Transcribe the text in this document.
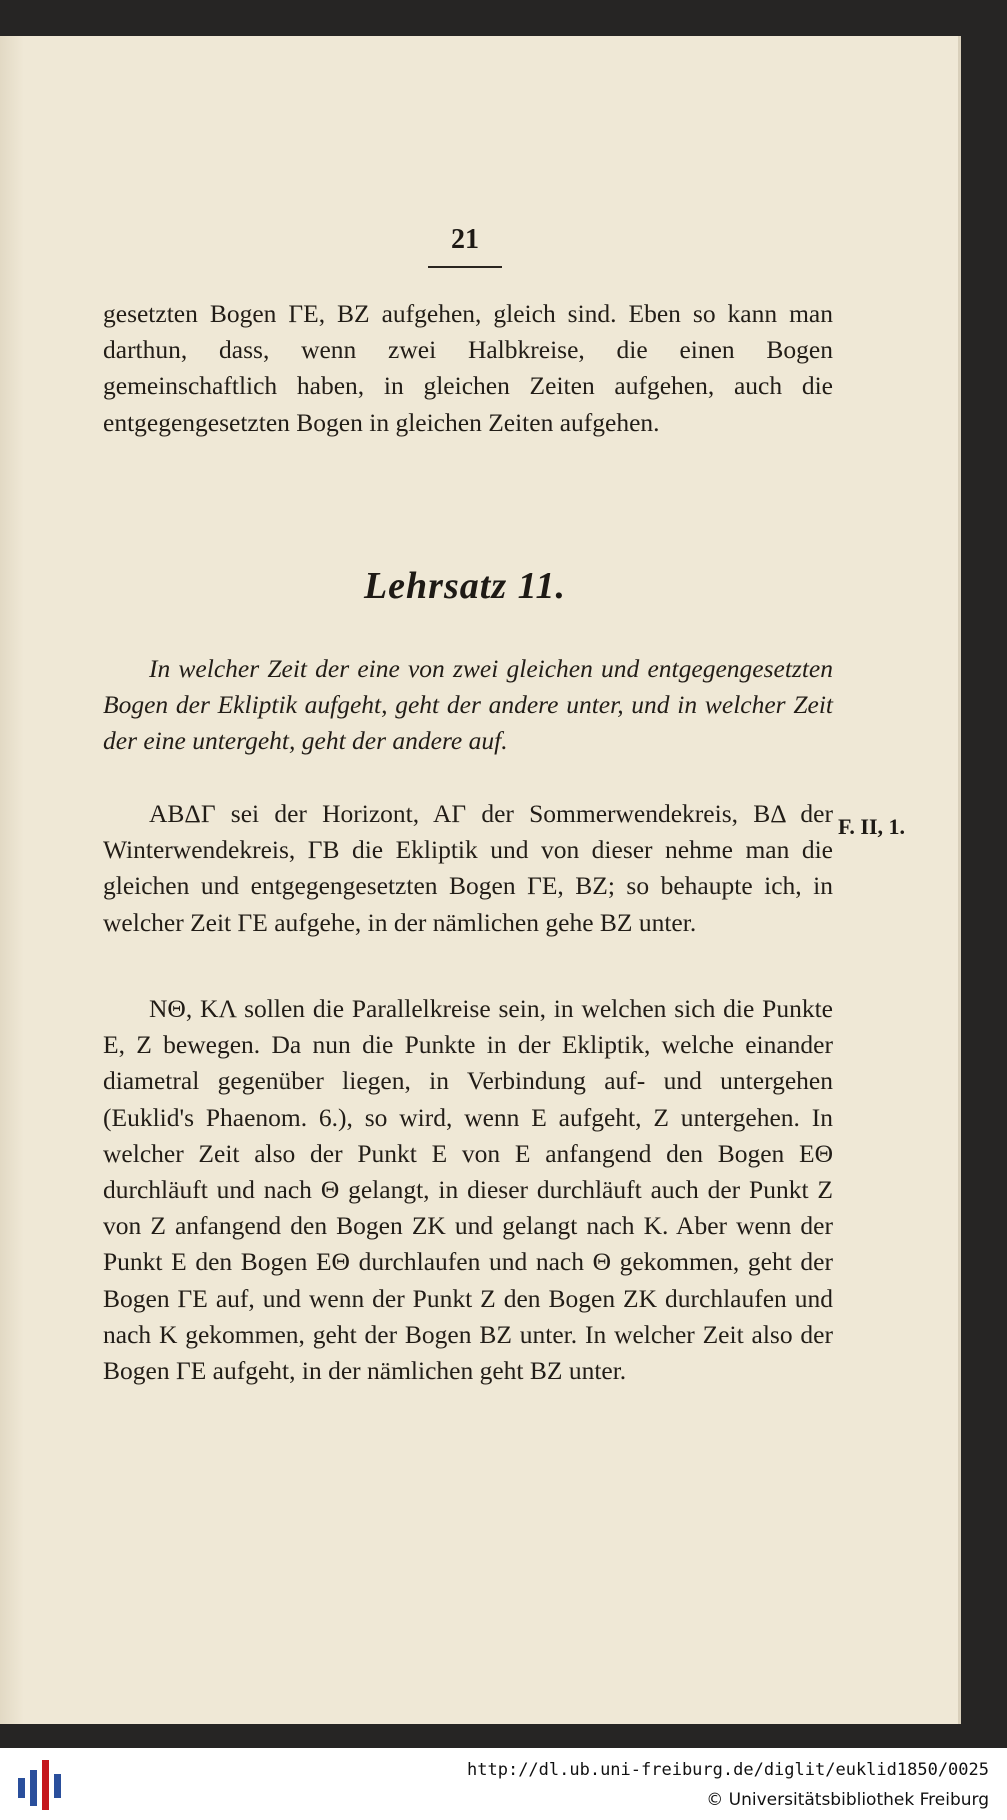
21

gesetzten Bogen ΓE, BZ aufgehen, gleich sind. Eben so kann man darthun, dass, wenn zwei Halbkreise, die einen Bogen gemeinschaftlich haben, in gleichen Zeiten aufgehen, auch die entgegengesetzten Bogen in gleichen Zeiten aufgehen.

Lehrsatz 11.

In welcher Zeit der eine von zwei gleichen und entgegengesetzten Bogen der Ekliptik aufgeht, geht der andere unter, und in welcher Zeit der eine untergeht, geht der andere auf.

F. II, 1.

ABΔΓ sei der Horizont, AΓ der Sommerwendekreis, BΔ der Winterwendekreis, ΓB die Ekliptik und von dieser nehme man die gleichen und entgegengesetzten Bogen ΓE, BZ; so behaupte ich, in welcher Zeit ΓE aufgehe, in der nämlichen gehe BZ unter.

NΘ, KΛ sollen die Parallelkreise sein, in welchen sich die Punkte E, Z bewegen. Da nun die Punkte in der Ekliptik, welche einander diametral gegenüber liegen, in Verbindung auf- und untergehen (Euklid's Phaenom. 6.), so wird, wenn E aufgeht, Z untergehen. In welcher Zeit also der Punkt E von E anfangend den Bogen EΘ durchläuft und nach Θ gelangt, in dieser durchläuft auch der Punkt Z von Z anfangend den Bogen ZK und gelangt nach K. Aber wenn der Punkt E den Bogen EΘ durchlaufen und nach Θ gekommen, geht der Bogen ΓE auf, und wenn der Punkt Z den Bogen ZK durchlaufen und nach K gekommen, geht der Bogen BZ unter. In welcher Zeit also der Bogen ΓE aufgeht, in der nämlichen geht BZ unter.

http://dl.ub.uni-freiburg.de/diglit/euklid1850/0025
© Universitätsbibliothek Freiburg
